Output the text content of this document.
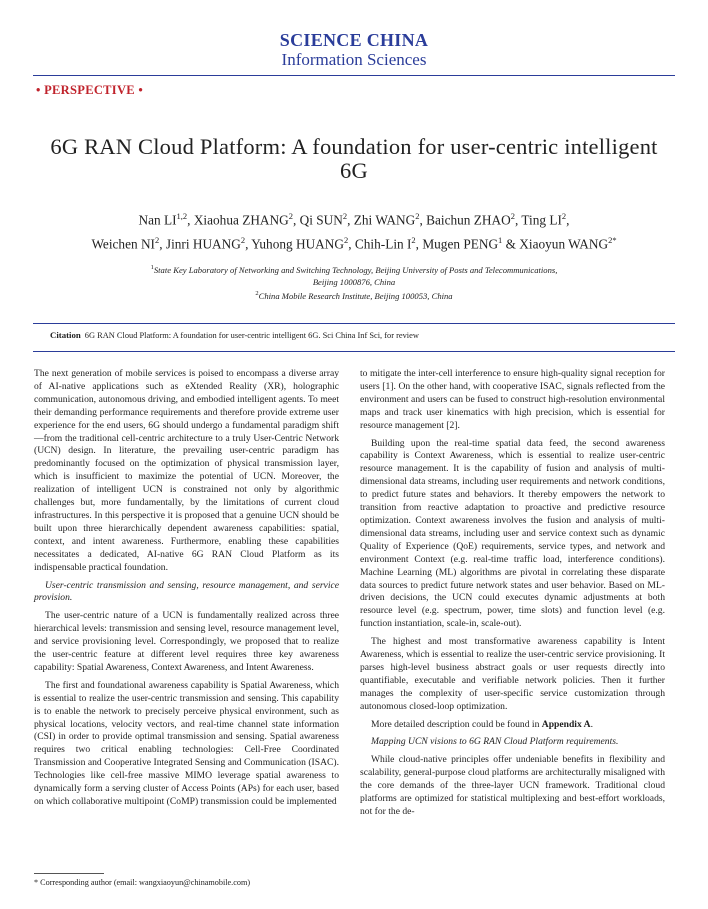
SCIENCE CHINA
Information Sciences
• PERSPECTIVE •
6G RAN Cloud Platform: A foundation for user-centric intelligent 6G
Nan LI$^{1,2}$, Xiaohua ZHANG$^2$, Qi SUN$^2$, Zhi WANG$^2$, Baichun ZHAO$^2$, Ting $LI^2$,
Weichen $NI^2$, Jinri HUANG$^2$, Yuhong HUANG$^2$, Chih-Lin $I^2$, Mugen PENG$^1$ & Xiaoyun $WANG^{2*}$
$^1$State Key Laboratory of Networking and Switching Technology, Beijing University of Posts and Telecommunications,
Beijing 1000876, China
$^2$China Mobile Research Institute, Beijing 100053, China
Citation 6G RAN Cloud Platform: A foundation for user-centric intelligent 6G. Sci China Inf Sci, for review

The next generation of mobile services is poised to encompass a diverse array of AI-native applications such as eXtended Reality (XR), holographic communication, autonomous driving, and embodied intelligent agents. To meet their demanding performance requirements and therefore provide extreme user experience for the end users, 6G should undergo a fundamental paradigm shift—from the traditional cell-centric architecture to a truly User-Centric Network (UCN) design. In literature, the prevailing user-centric paradigm has predominantly focused on the optimization of physical transmission layer, which is insufficient to maximize the potential of UCN. Moreover, the realization of intelligent UCN is constrained not only by algorithmic challenges but, more fundamentally, by the limitations of current cloud infrastructures. In this perspective it is proposed that a genuine UCN should be built upon three hierarchically dependent awareness capabilities: spatial, context, and intent awareness. Furthermore, enabling these capabilities necessitates a dedicated, AI-native 6G RAN Cloud Platform as its indispensable practical foundation.

User-centric transmission and sensing, resource management, and service provision.

The user-centric nature of a UCN is fundamentally realized across three hierarchical levels: transmission and sensing level, resource management level, and service provisioning level. Correspondingly, we proposed that to realize the user-centric feature at different level requires three key awareness capability: Spatial Awareness, Context Awareness, and Intent Awareness.

The first and foundational awareness capability is Spatial Awareness, which is essential to realize the user-centric transmission and sensing. This capability is to enable the network to precisely perceive physical environment, such as physical locations, velocity vectors, and real-time channel state information (CSI) in order to provide optimal transmission and sensing. Spatial awareness requires two critical enabling technologies: Cell-Free Coordinated Transmission and Cooperative Integrated Sensing and Communication (ISAC). Technologies like cell-free massive MIMO leverage spatial awareness to dynamically form a serving cluster of Access Points (APs) for each user, based on which collaborative multipoint (CoMP) transmission could be implemented

to mitigate the inter-cell interference to ensure high-quality signal reception for users [1]. On the other hand, with cooperative ISAC, signals reflected from the environment and users can be fused to construct high-resolution environmental maps and track user kinematics with high precision, which is essential for resource management [2].

Building upon the real-time spatial data feed, the second awareness capability is Context Awareness, which is essential to realize user-centric resource management. It is the capability of fusion and analysis of multi-dimensional data streams, including user requirements and network conditions, to predict future states and behaviors. It thereby empowers the network to transition from reactive adaptation to proactive and predictive resource optimization. Context awareness involves the fusion and analysis of multi-dimensional data streams, including user and service context such as dynamic Quality of Experience (QoE) requirements, service types, and network and environment Context (e.g. real-time traffic load, interference conditions). Machine Learning (ML) algorithms are pivotal in correlating these disparate data sources to predict future network states and user behavior. Based on ML-driven decisions, the UCN could executes dynamic adjustments at both resource level (e.g. spectrum, power, time slots) and function level (e.g. function instantiation, scale-in, scale-out).

The highest and most transformative awareness capability is Intent Awareness, which is essential to realize the user-centric service provisioning. It parses high-level business abstract goals or user requests directly into quantifiable, executable and verifiable network policies. Then it further manages the complexity of user-specific service customization through autonomous closed-loop optimization.

More detailed description could be found in Appendix A.

Mapping UCN visions to 6G RAN Cloud Platform requirements.

While cloud-native principles offer undeniable benefits in flexibility and scalability, general-purpose cloud platforms are architecturally misaligned with the core demands of the three-layer UCN framework. Traditional cloud platforms are optimized for statistical multiplexing and best-effort workloads, not for the de-

* Corresponding author (email: wangxiaoyun@chinamobile.com)
